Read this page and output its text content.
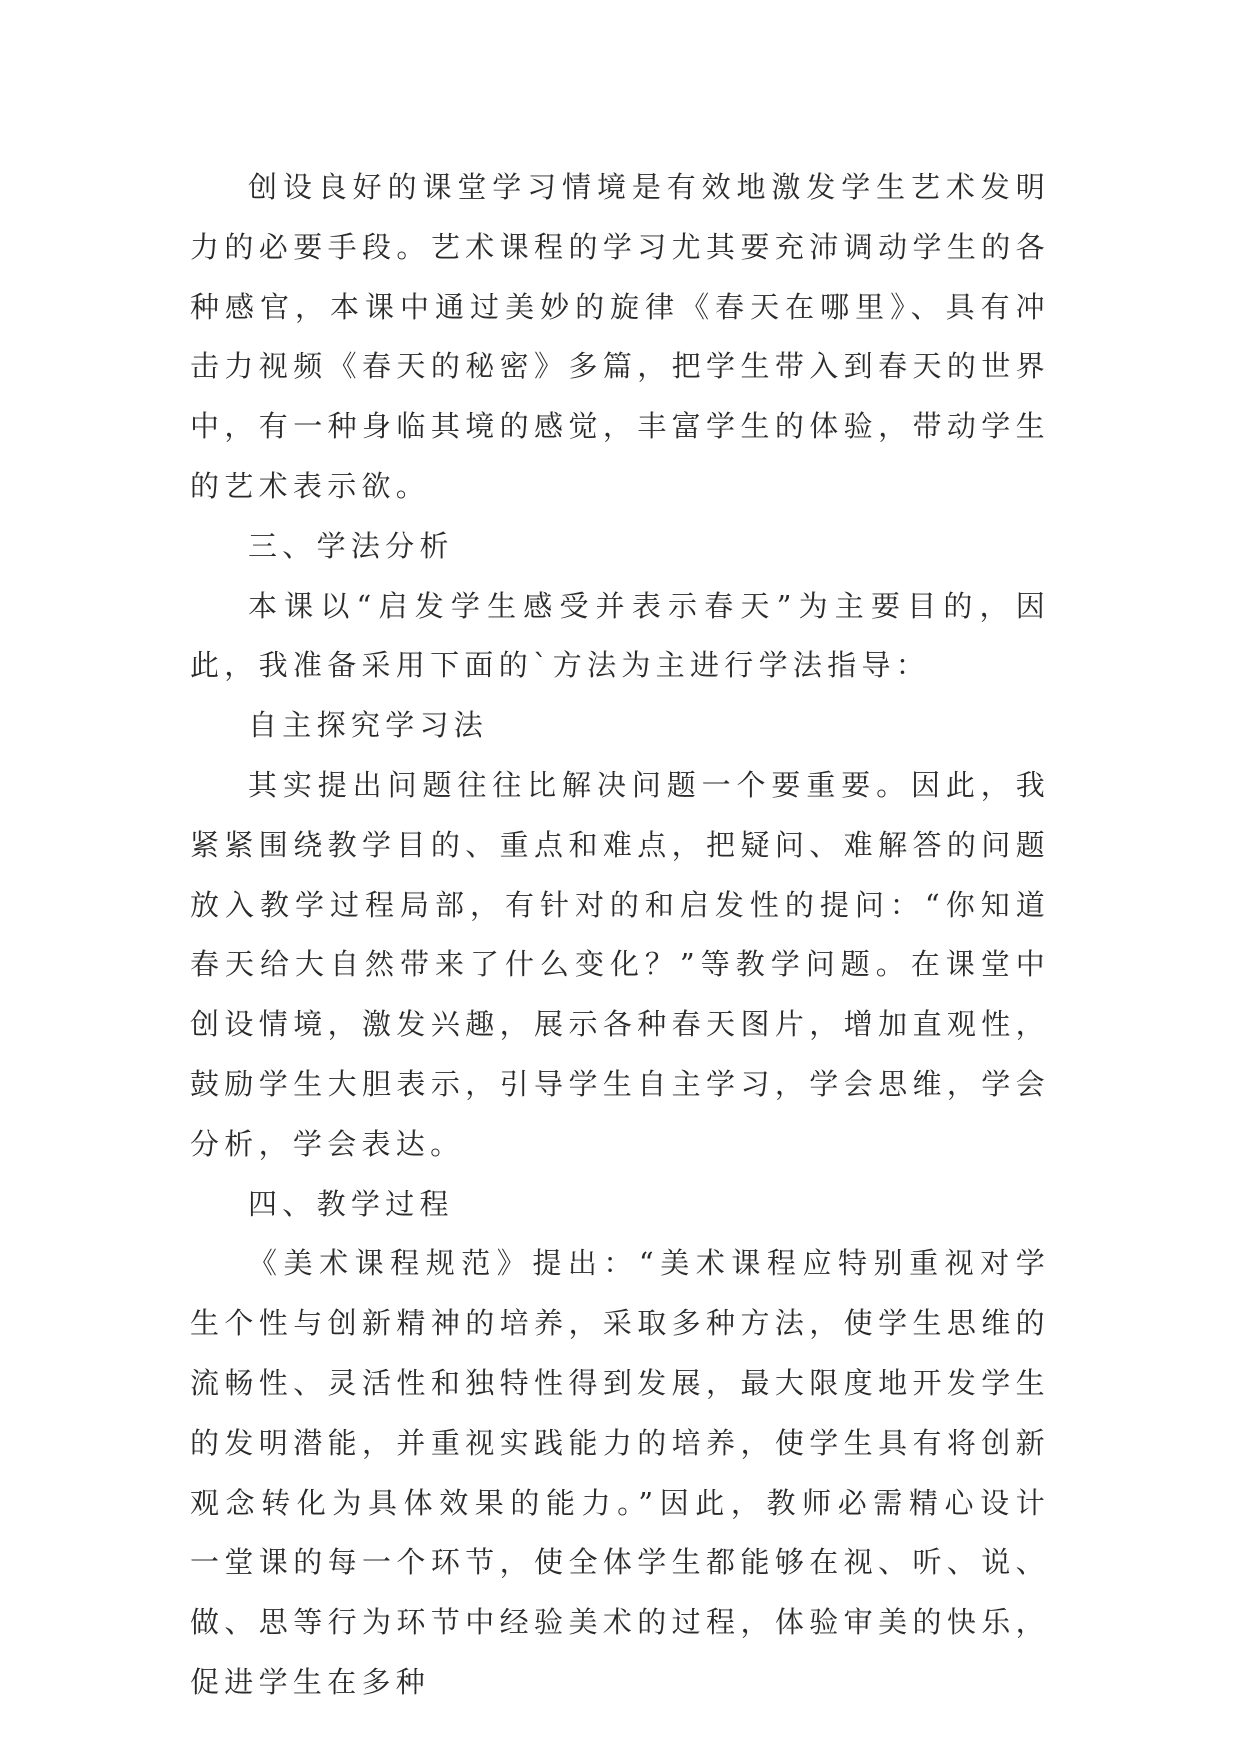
创设良好的课堂学习情境是有效地激发学生艺术发明力的必要手段。艺术课程的学习尤其要充沛调动学生的各种感官，本课中通过美妙的旋律《春天在哪里》、具有冲击力视频《春天的秘密》多篇，把学生带入到春天的世界中，有一种身临其境的感觉，丰富学生的体验，带动学生的艺术表示欲。

三、学法分析

本课以“启发学生感受并表示春天”为主要目的，因此，我准备采用下面的`方法为主进行学法指导：

自主探究学习法

其实提出问题往往比解决问题一个要重要。因此，我紧紧围绕教学目的、重点和难点，把疑问、难解答的问题放入教学过程局部，有针对的和启发性的提问：“你知道春天给大自然带来了什么变化？”等教学问题。在课堂中创设情境，激发兴趣，展示各种春天图片，增加直观性，鼓励学生大胆表示，引导学生自主学习，学会思维，学会分析，学会表达。

四、教学过程

《美术课程规范》提出：“美术课程应特别重视对学生个性与创新精神的培养，采取多种方法，使学生思维的流畅性、灵活性和独特性得到发展，最大限度地开发学生的发明潜能，并重视实践能力的培养，使学生具有将创新观念转化为具体效果的能力。”因此，教师必需精心设计一堂课的每一个环节，使全体学生都能够在视、听、说、做、思等行为环节中经验美术的过程，体验审美的快乐，促进学生在多种
